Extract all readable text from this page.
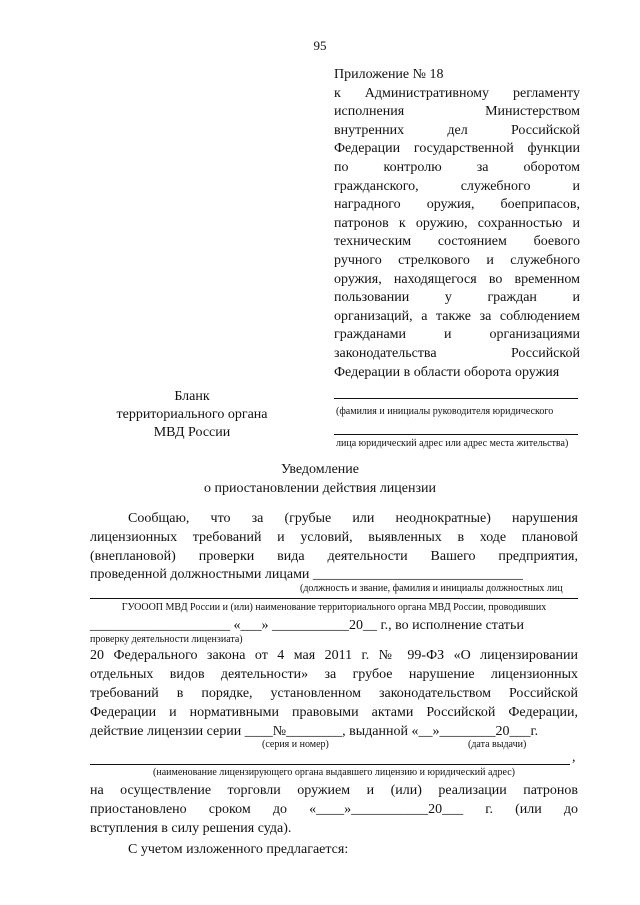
95
Приложение № 18
к Административному регламенту
исполнения Министерством
внутренних дел Российской
Федерации государственной функции
по контролю за оборотом
гражданского, служебного и
наградного оружия, боеприпасов,
патронов к оружию, сохранностью и
техническим состоянием боевого
ручного стрелкового и служебного
оружия, находящегося во временном
пользовании у граждан и
организаций, а также за соблюдением
гражданами и организациями
законодательства Российской
Федерации в области оборота оружия
Бланк
территориального органа
МВД России
(фамилия и инициалы руководителя юридического
лица юридический адрес или адрес места жительства)
Уведомление
о приостановлении действия лицензии
Сообщаю, что за (грубые или неоднократные) нарушения
лицензионных требований и условий, выявленных в ходе плановой
(внеплановой) проверки вида деятельности Вашего предприятия,
проведенной должностными лицами ______________________________
(должность и звание, фамилия и инициалы должностных лиц
ГУОООП МВД России и (или) наименование территориального органа МВД России, проводивших
____________________ «___» ___________20__ г., во исполнение статьи
проверку деятельности лицензиата)
20 Федерального закона от 4 мая 2011 г. № 99-ФЗ «О лицензировании
отдельных видов деятельности» за грубое нарушение лицензионных
требований в порядке, установленном законодательством Российской
Федерации и нормативными правовыми актами Российской Федерации,
действие лицензии серии ____№________, выданной «__»________20___г.
(серия и номер)	(дата выдачи)
,
(наименование лицензирующего органа выдавшего лицензию и юридический адрес)
на осуществление торговли оружием и (или) реализации патронов
приостановлено сроком до «____»___________20___ г. (или до
вступления в силу решения суда).
С учетом изложенного предлагается:
